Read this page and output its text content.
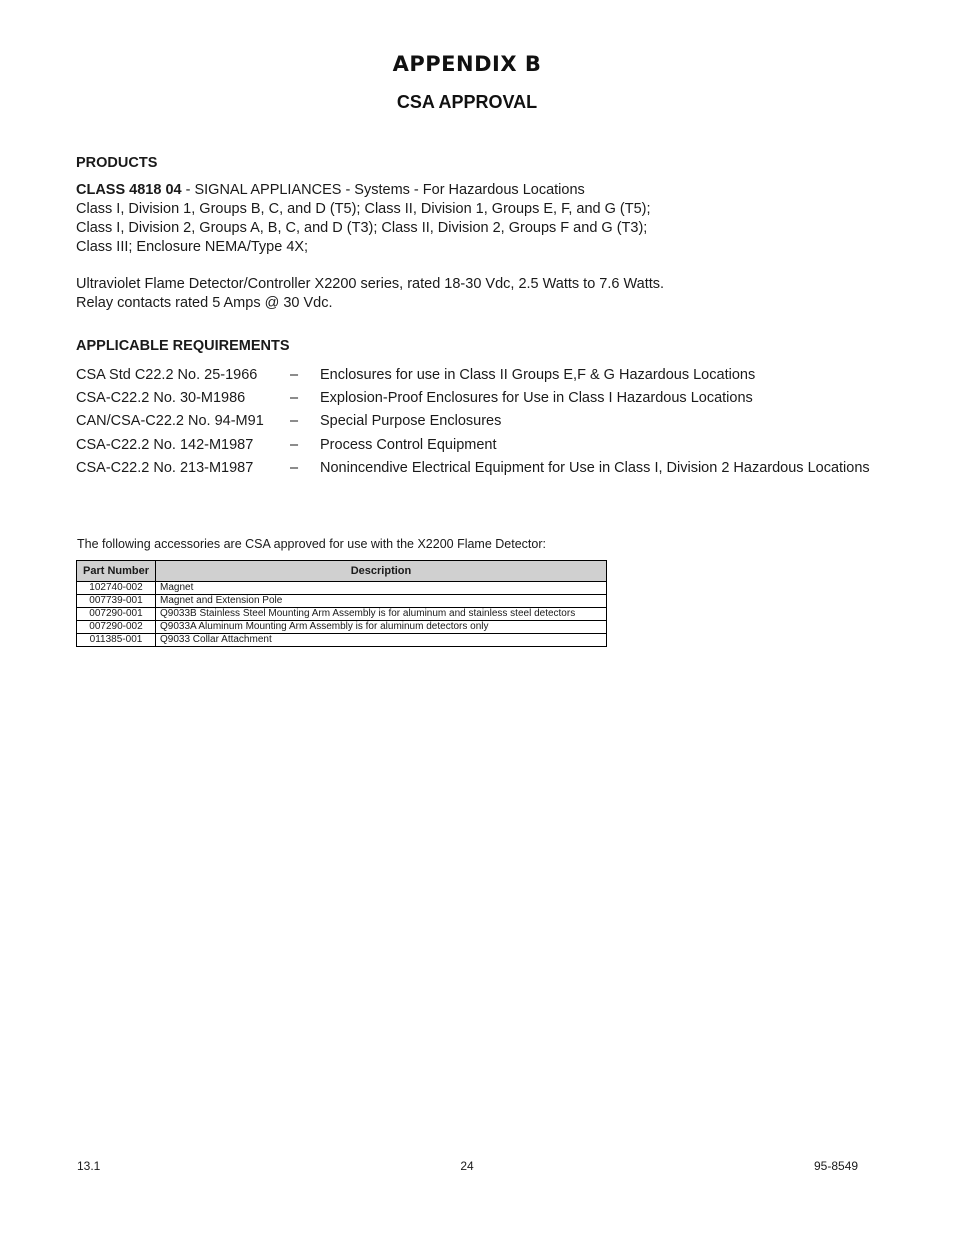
APPENDIX B
CSA APPROVAL
PRODUCTS

CLASS 4818 04 - SIGNAL APPLIANCES - Systems - For Hazardous Locations

Class I, Division 1, Groups B, C, and D (T5); Class II, Division 1, Groups E, F, and G (T5);

Class I, Division 2, Groups A, B, C, and D (T3); Class II, Division 2, Groups F and G (T3);

Class III; Enclosure NEMA/Type 4X;

Ultraviolet Flame Detector/Controller X2200 series, rated 18-30 Vdc, 2.5 Watts to 7.6 Watts.

Relay contacts rated 5 Amps @ 30 Vdc.

APPLICABLE REQUIREMENTS
CSA Std C22.2 No. 25-1966 – Enclosures for use in Class II Groups E,F & G Hazardous Locations
CSA-C22.2 No. 30-M1986	– Explosion-Proof Enclosures for Use in Class I Hazardous Locations
CAN/CSA-C22.2 No. 94-M91 – Special Purpose Enclosures
CSA-C22.2 No. 142-M1987	– Process Control Equipment
CSA-C22.2 No. 213-M1987	– Nonincendive Electrical Equipment for Use in Class I, Division 2 Hazardous Locations

The following accessories are CSA approved for use with the X2200 Flame Detector:

Part Number	Description
102740-002	Magnet
007739-001	Magnet and Extension Pole
007290-001	Q9033B Stainless Steel Mounting Arm Assembly is for aluminum and stainless steel detectors
007290-002	Q9033A Aluminum Mounting Arm Assembly is for aluminum detectors only
011385-001	Q9033 Collar Attachment
13.1	24	95-8549
